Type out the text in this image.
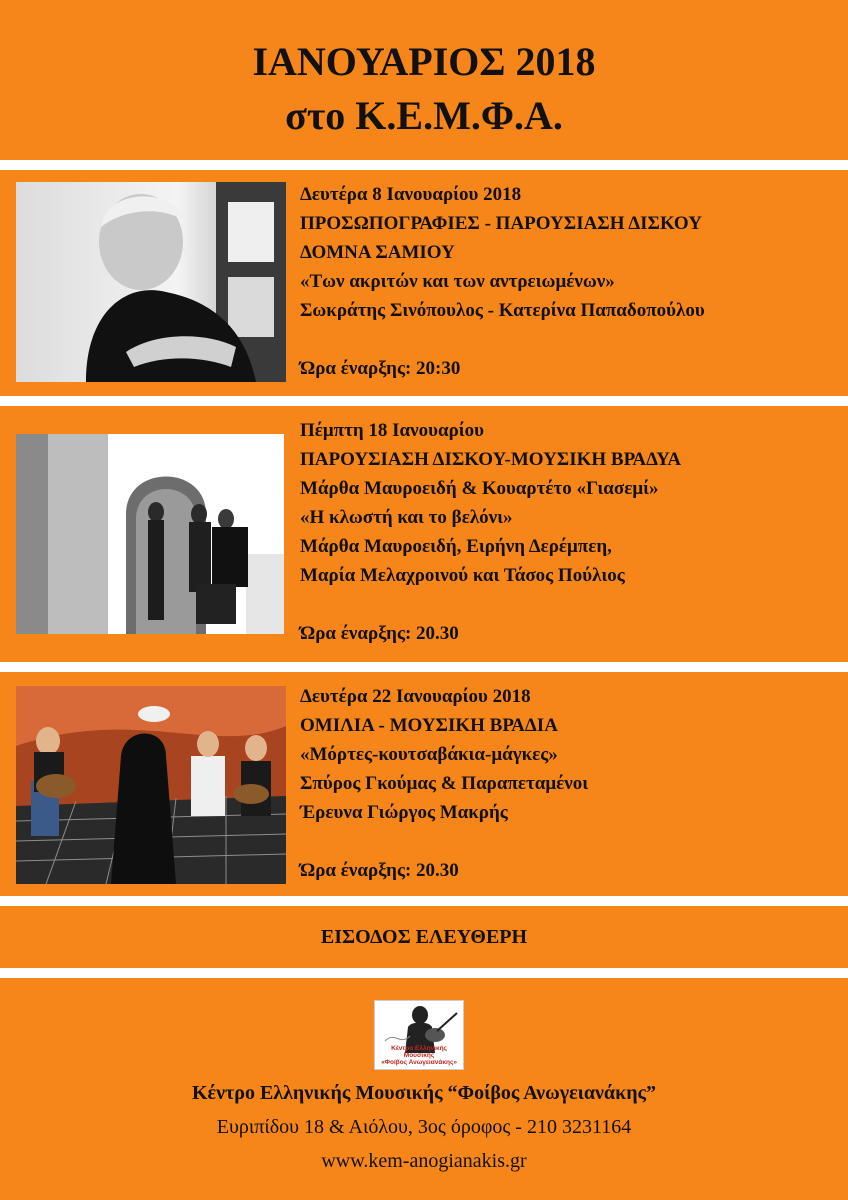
ΙΑΝΟΥΑΡΙΟΣ 2018
στο Κ.Ε.Μ.Φ.Α.
Δευτέρα 8 Ιανουαρίου 2018
ΠΡΟΣΩΠΟΓΡΑΦΙΕΣ - ΠΑΡΟΥΣΙΑΣΗ ΔΙΣΚΟΥ
ΔΟΜΝΑ ΣΑΜΙΟΥ
«Των ακριτών και των αντρειωμένων»
Σωκράτης Σινόπουλος - Κατερίνα Παπαδοπούλου
Ώρα έναρξης: 20:30
Πέμπτη 18 Ιανουαρίου
ΠΑΡΟΥΣΙΑΣΗ ΔΙΣΚΟΥ-ΜΟΥΣΙΚΗ ΒΡΑΔΥΑ
Μάρθα Μαυροειδή & Κουαρτέτο «Γιασεμί»
«Η κλωστή και το βελόνι»
Μάρθα Μαυροειδή, Ειρήνη Δερέμπεη,
Μαρία Μελαχροινού και Τάσος Πούλιος
Ώρα έναρξης: 20.30
Δευτέρα 22 Ιανουαρίου 2018
ΟΜΙΛΙΑ - ΜΟΥΣΙΚΗ ΒΡΑΔΙΑ
«Μόρτες-κουτσαβάκια-μάγκες»
Σπύρος Γκούμας & Παραπεταμένοι
Έρευνα Γιώργος Μακρής
Ώρα έναρξης: 20.30
ΕΙΣΟΔΟΣ ΕΛΕΥΘΕΡΗ
Κέντρο Ελληνικής Μουσικής
«Φοίβος Ανωγειανάκης»
Κέντρο Ελληνικής Μουσικής “Φοίβος Ανωγειανάκης”
Ευριπίδου 18 & Αιόλου, 3ος όροφος - 210 3231164
www.kem-anogianakis.gr
